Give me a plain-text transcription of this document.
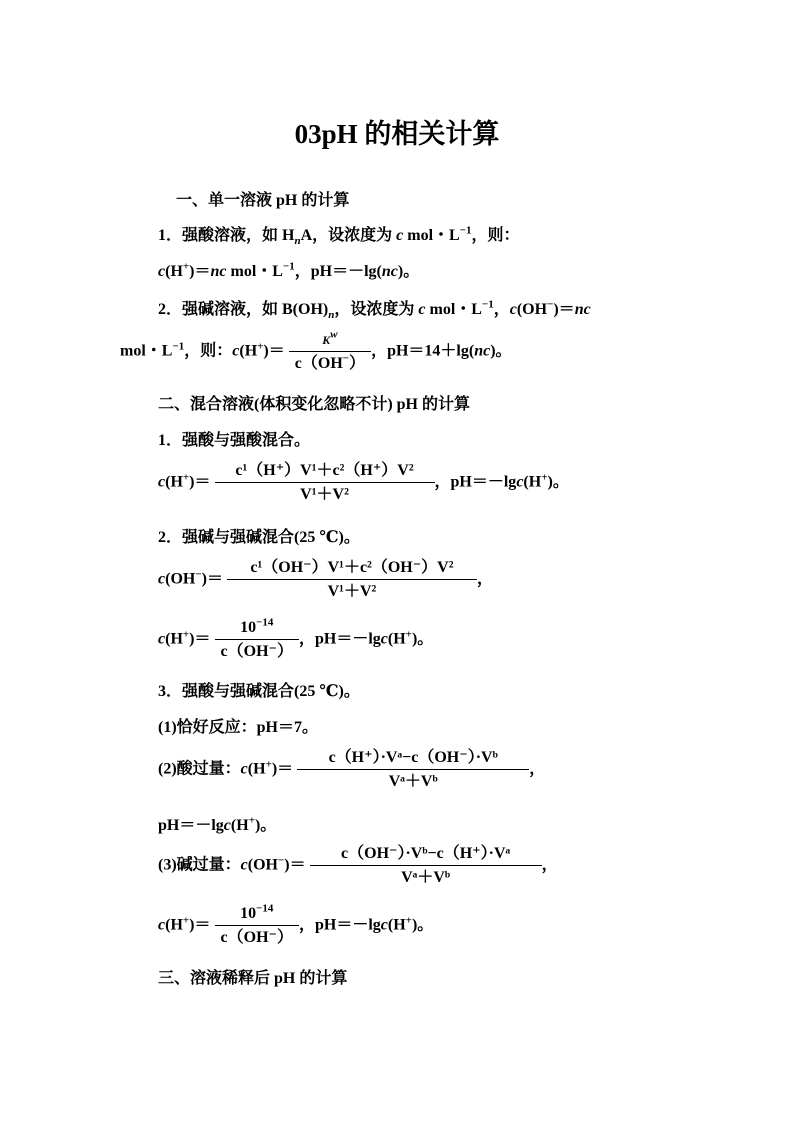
03pH 的相关计算
一、单一溶液 pH 的计算
1．强酸溶液，如 $H_nA$，设浓度为 c mol・$L^{-1}$，则：
c(H+)＝nc mol・$L^{-1}$，pH＝－lg(nc)。
2．强碱溶液，如 $B(OH)_n$，设浓度为 c mol・$L^{-1}$，c(OH−)＝nc
mol・$L^{-1}$，则：$c(H^+)= \frac{K^w}{c(OH^-)}$ ，pH＝14＋lg(nc)。
二、混合溶液(体积变化忽略不计) pH 的计算
1．强酸与强酸混合。
$c(H^+)= \frac{\text{c¹（H⁺）V¹＋c²（H⁺）V²}}{\text{V¹＋V²}}$ ，pH＝－lgc(H+)。
2．强碱与强碱混合(25 ℃)。
$c(OH^-)= \frac{\text{c¹（OH⁻）V¹＋c²（OH⁻）V²}}{\text{V¹＋V²}}$ ，
$c(H^+)= \frac{10^{-14}}{c(OH^-)}$ ，pH＝－lgc(H+)。
3．强酸与强碱混合(25 ℃)。
(1)恰好反应：pH＝7。
(2)酸过量：$c(H^+)= \frac{\text{c（H⁺）·Vᵃ−c（OH⁻）·Vᵇ}}{\text{Vᵃ＋Vᵇ}}$ ，
pH＝－lgc(H+)。
(3)碱过量：$c(OH^-)= \frac{\text{c（OH⁻）·Vᵇ−c（H⁺）·Vᵃ}}{\text{Vᵃ＋Vᵇ}}$ ，
$c(H^+)= \frac{10^{-14}}{c(OH^-)}$ ，pH＝－lgc(H+)。
三、溶液稀释后 pH 的计算
